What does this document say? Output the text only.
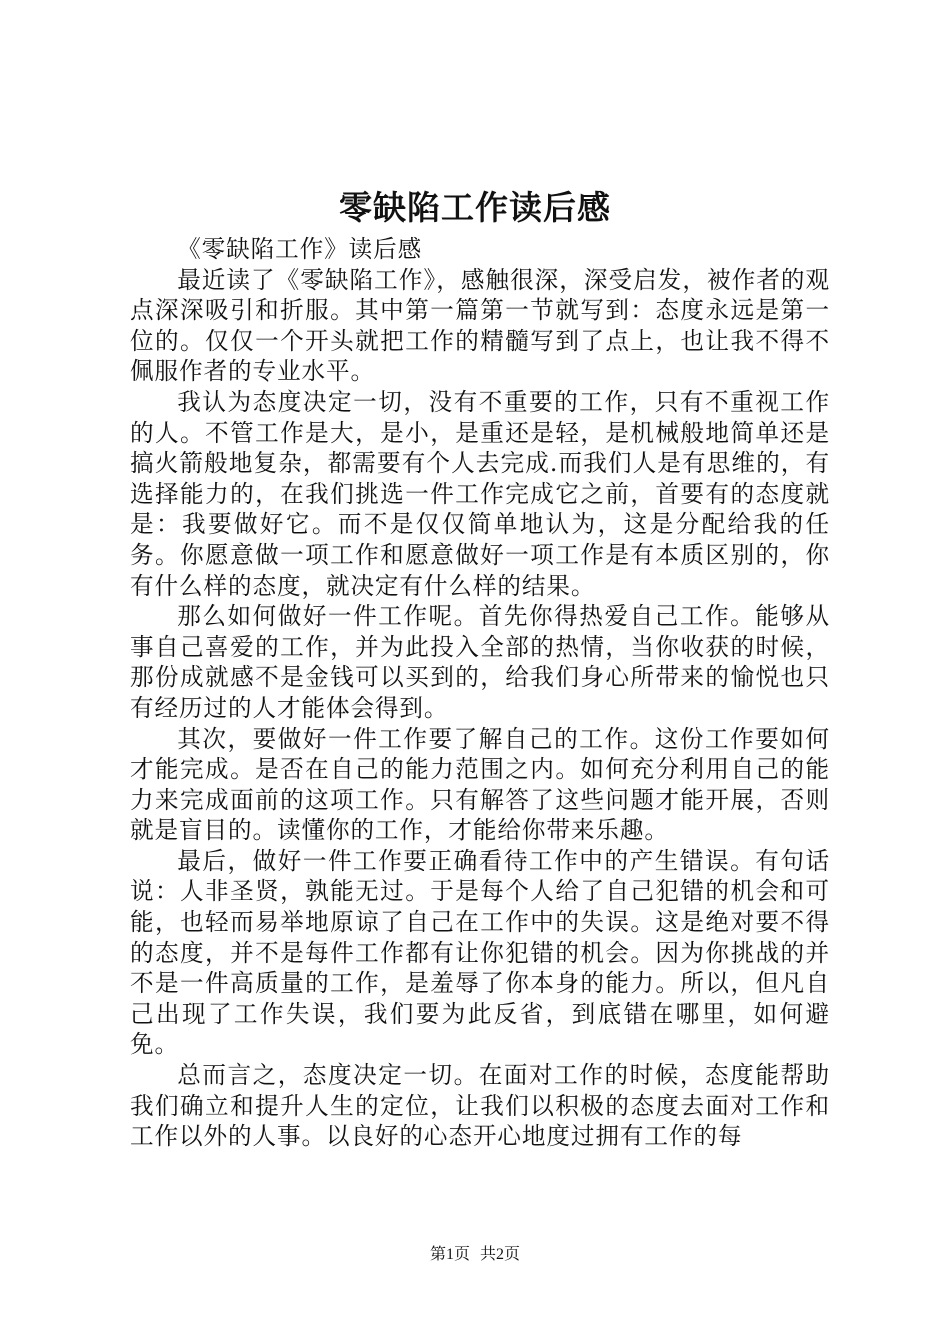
零缺陷工作读后感

《零缺陷工作》读后感

最近读了《零缺陷工作》，感触很深，深受启发，被作者的观点深深吸引和折服。其中第一篇第一节就写到：态度永远是第一位的。仅仅一个开头就把工作的精髓写到了点上，也让我不得不佩服作者的专业水平。

我认为态度决定一切，没有不重要的工作，只有不重视工作的人。不管工作是大，是小，是重还是轻，是机械般地简单还是搞火箭般地复杂，都需要有个人去完成.而我们人是有思维的，有选择能力的，在我们挑选一件工作完成它之前，首要有的态度就是：我要做好它。而不是仅仅简单地认为，这是分配给我的任务。你愿意做一项工作和愿意做好一项工作是有本质区别的，你有什么样的态度，就决定有什么样的结果。

那么如何做好一件工作呢。首先你得热爱自己工作。能够从事自己喜爱的工作，并为此投入全部的热情，当你收获的时候，那份成就感不是金钱可以买到的，给我们身心所带来的愉悦也只有经历过的人才能体会得到。

其次，要做好一件工作要了解自己的工作。这份工作要如何才能完成。是否在自己的能力范围之内。如何充分利用自己的能力来完成面前的这项工作。只有解答了这些问题才能开展，否则就是盲目的。读懂你的工作，才能给你带来乐趣。

最后，做好一件工作要正确看待工作中的产生错误。有句话说：人非圣贤，孰能无过。于是每个人给了自己犯错的机会和可能，也轻而易举地原谅了自己在工作中的失误。这是绝对要不得的态度，并不是每件工作都有让你犯错的机会。因为你挑战的并不是一件高质量的工作，是羞辱了你本身的能力。所以，但凡自己出现了工作失误，我们要为此反省，到底错在哪里，如何避免。

总而言之，态度决定一切。在面对工作的时候，态度能帮助我们确立和提升人生的定位，让我们以积极的态度去面对工作和工作以外的人事。以良好的心态开心地度过拥有工作的每

第1页 共2页
